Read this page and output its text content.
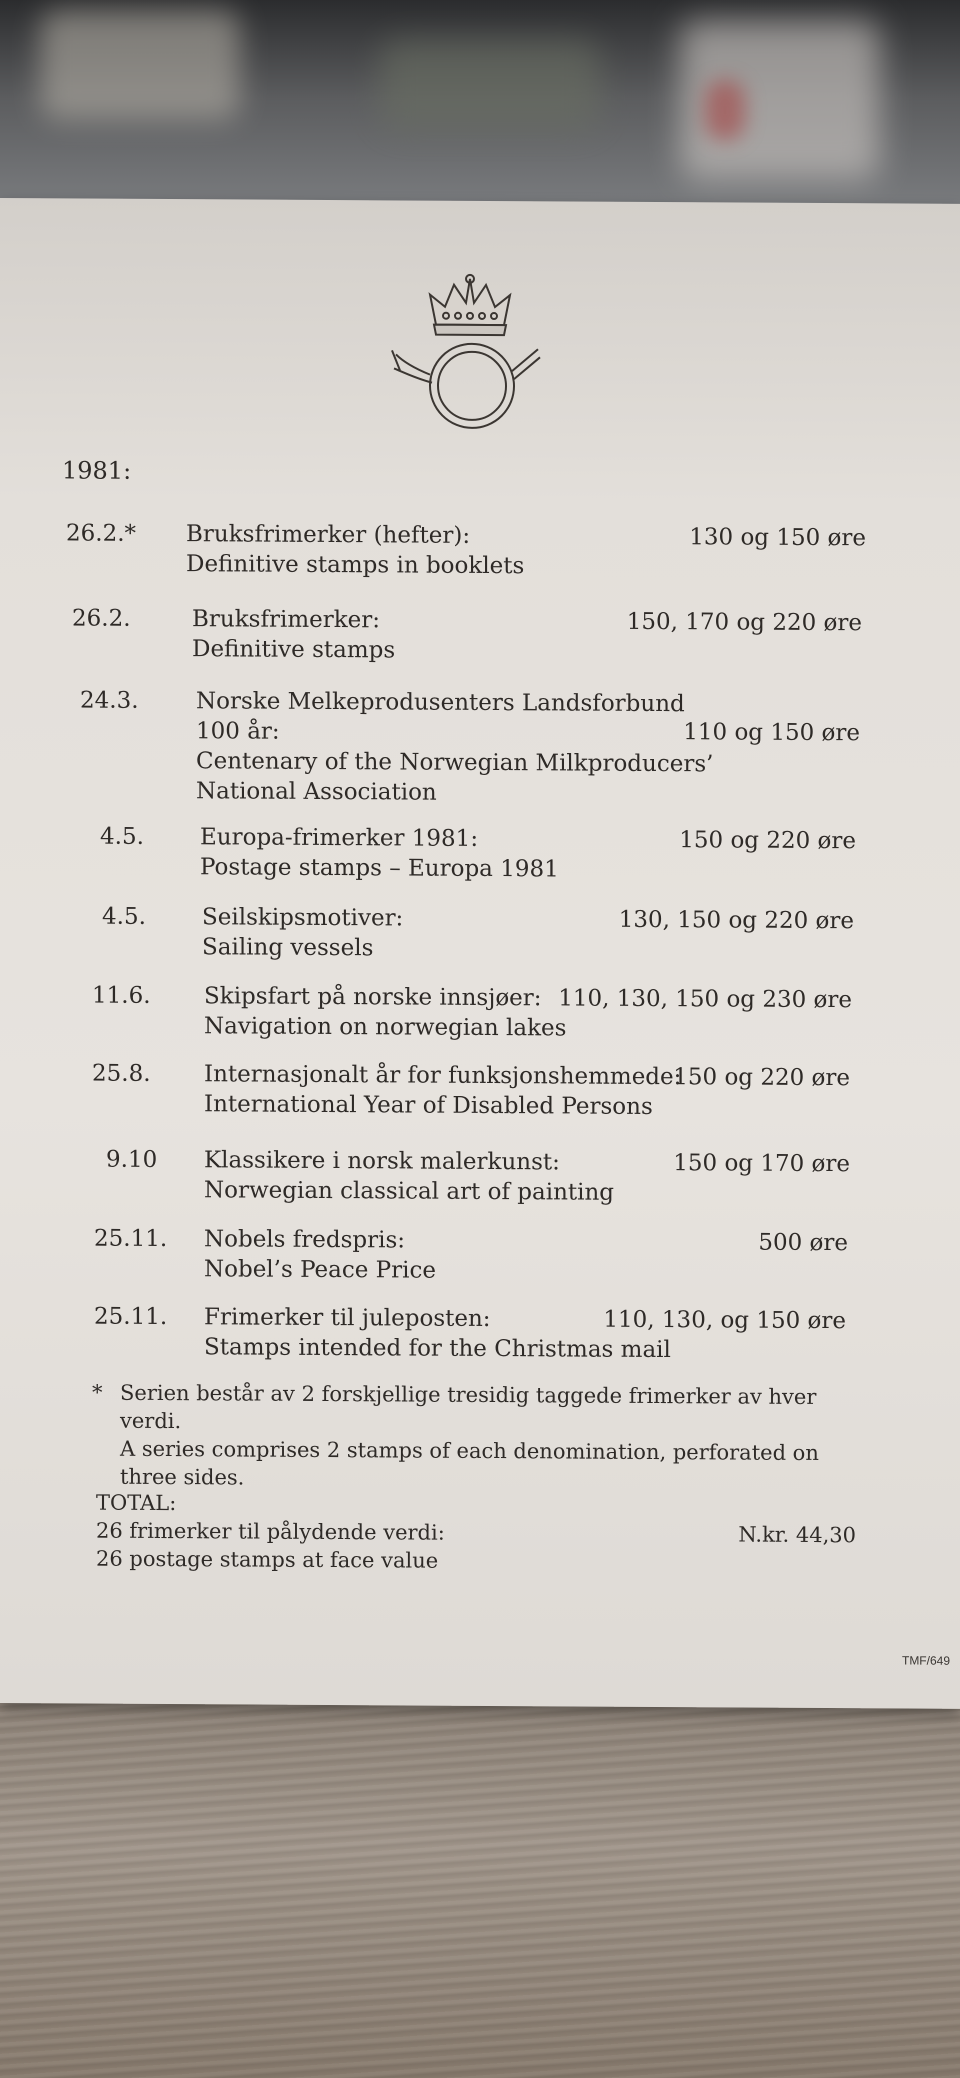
1981:
26.2.* Bruksfrimerker (hefter):
Definitive stamps in booklets
130 og 150 øre
26.2.	Bruksfrimerker:
Definitive stamps
150, 170 og 220 øre
24.3. Norske Melkeprodusenters Landsforbund
100 år:
Centenary of the Norwegian Milkproducers’
National Association
110 og 150 øre
4.5. Europa-frimerker 1981:
Postage stamps – Europa 1981
150 og 220 øre
4.5. Seilskipsmotiver:
Sailing vessels
130, 150 og 220 øre
11.6. Skipsfart på norske innsjøer:
Navigation on norwegian lakes
110, 130, 150 og 230 øre
25.8. Internasjonalt år for funksjonshemmede:
International Year of Disabled Persons
150 og 220 øre
9.10 Klassikere i norsk malerkunst:
Norwegian classical art of painting
150 og 170 øre
25.11. Nobels fredspris:
Nobel’s Peace Price
500 øre
25.11. Frimerker til juleposten:
Stamps intended for the Christmas mail
110, 130, og 150 øre
* Serien består av 2 forskjellige tresidig taggede frimerker av hver verdi.
A series comprises 2 stamps of each denomination, perforated on
three sides.
TOTAL:
26 frimerker til pålydende verdi:
26 postage stamps at face value
N.kr. 44,30
TMF/649
